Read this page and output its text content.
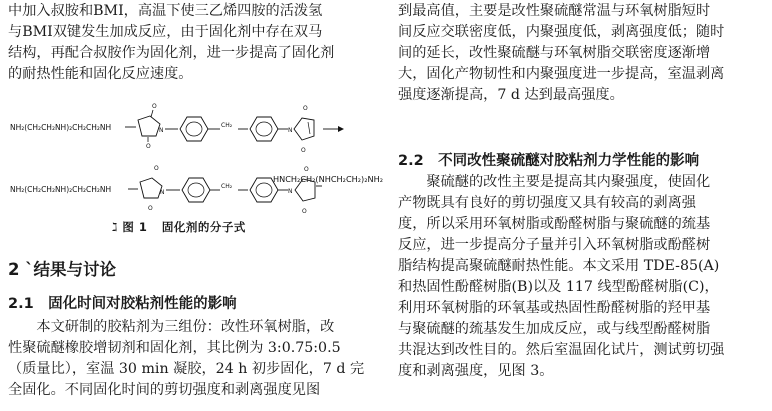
中加入叔胺和BMI，高温下使三乙烯四胺的活泼氢

与BMI双键发生加成反应，由于固化剂中存在双马

结构，再配合叔胺作为固化剂，进一步提高了固化剂

的耐热性能和固化反应速度。

NH₂(CH₂CH₂NH)₂CH₂CH₂NH
O
O
N
CH₂
N
O
O
NH₂(CH₂CH₂NH)₂CH₂CH₂NH
O
O
N
CH₂
N
O
O
HNCH₂CH₂(NHCH₂CH₂)₂NH₂
ℷ 图 1 固化剂的分子式
2 `结果与讨论
2.1　固化时间对胶粘剂性能的影响

本文研制的胶粘剂为三组份：改性环氧树脂，改

性聚硫醚橡胶增韧剂和固化剂，其比例为 3:0.75:0.5

（质量比），室温 30 min 凝胶，24 h 初步固化，7 d 完

全固化。不同固化时间的剪切强度和剥离强度见图

到最高值，主要是改性聚硫醚常温与环氧树脂短时

间反应交联密度低，内聚强度低，剥离强度低；随时

间的延长，改性聚硫醚与环氧树脂交联密度逐渐增

大，固化产物韧性和内聚强度进一步提高，室温剥离

强度逐渐提高，7 d 达到最高强度。

2.2　不同改性聚硫醚对胶粘剂力学性能的影响

聚硫醚的改性主要是提高其内聚强度，使固化

产物既具有良好的剪切强度又具有较高的剥离强

度，所以采用环氧树脂或酚醛树脂与聚硫醚的巯基

反应，进一步提高分子量并引入环氧树脂或酚醛树

脂结构提高聚硫醚耐热性能。本文采用 TDE-85(A)

和热固性酚醛树脂(B)以及 117 线型酚醛树脂(C)，

利用环氧树脂的环氧基或热固性酚醛树脂的羟甲基

与聚硫醚的巯基发生加成反应，或与线型酚醛树脂

共混达到改性目的。然后室温固化试片，测试剪切强

度和剥离强度，见图 3。
